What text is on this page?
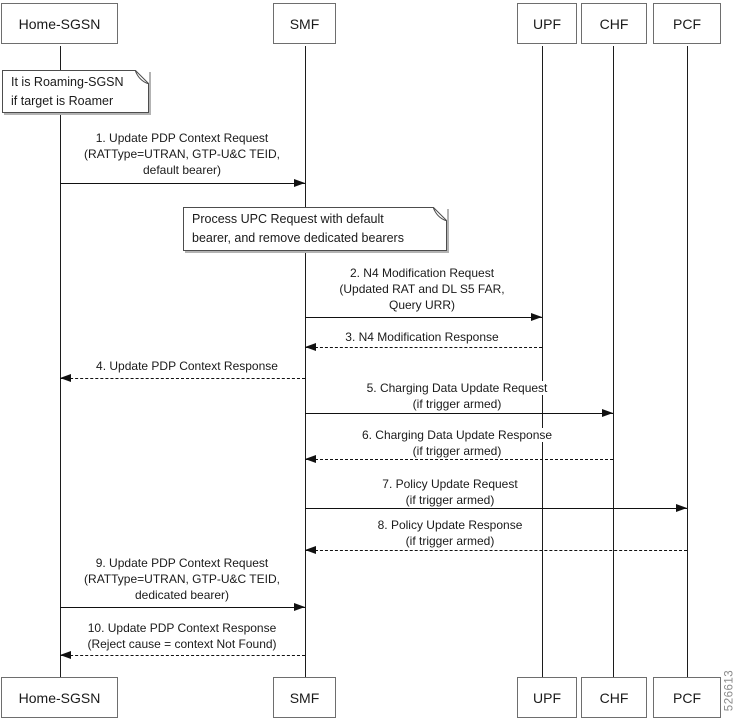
Home-SGSN	SMF	UPF	CHF	PCF
Home-SGSN	SMF	UPF	CHF	PCF
It is Roaming-SGSN
if target is Roamer
1. Update PDP Context Request
(RATType=UTRAN, GTP-U&C TEID,
default bearer)
Process UPC Request with default
bearer, and remove dedicated bearers
2. N4 Modification Request
(Updated RAT and DL S5 FAR,
Query URR)
3. N4 Modification Response
4. Update PDP Context Response
5. Charging Data Update Request
(if trigger armed)
6. Charging Data Update Response
(if trigger armed)
7. Policy Update Request
(if trigger armed)
8. Policy Update Response
(if trigger armed)
9. Update PDP Context Request
(RATType=UTRAN, GTP-U&C TEID,
dedicated bearer)
10. Update PDP Context Response
(Reject cause = context Not Found)
526613
